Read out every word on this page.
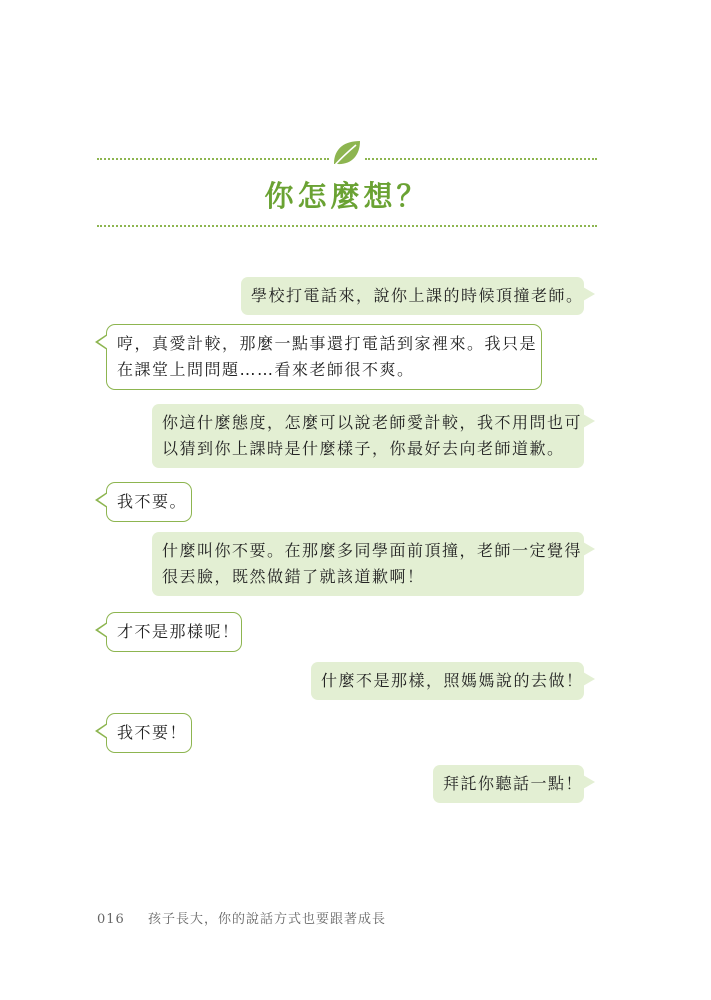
你怎麼想？
學校打電話來，說你上課的時候頂撞老師。
哼，真愛計較，那麼一點事還打電話到家裡來。我只是
在課堂上問問題……看來老師很不爽。
你這什麼態度，怎麼可以說老師愛計較，我不用問也可
以猜到你上課時是什麼樣子，你最好去向老師道歉。
我不要。
什麼叫你不要。在那麼多同學面前頂撞，老師一定覺得
很丟臉，既然做錯了就該道歉啊！
才不是那樣呢！
什麼不是那樣，照媽媽說的去做！
我不要！
拜託你聽話一點！
016 孩子長大，你的說話方式也要跟著成長
